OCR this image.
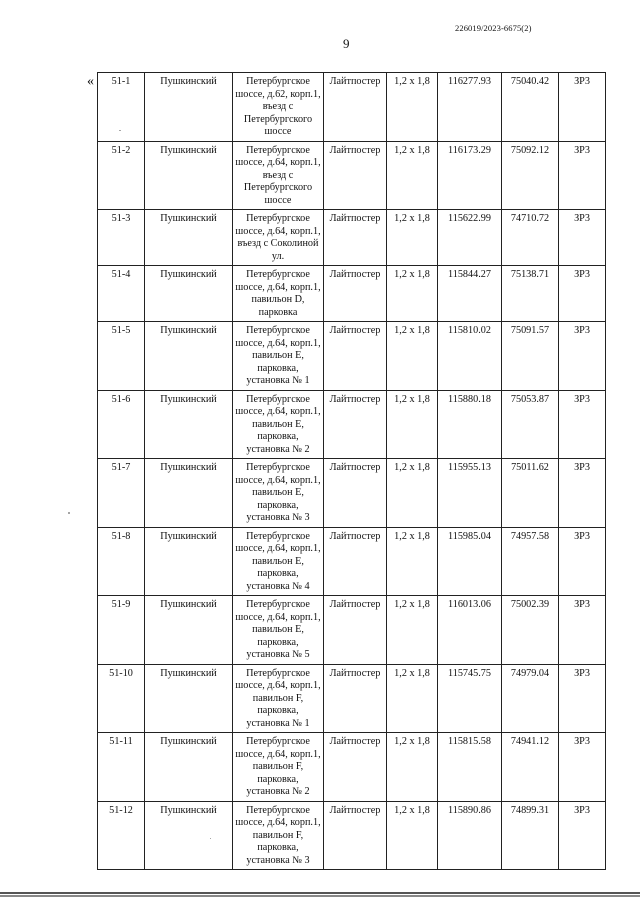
226019/2023-6675(2)
9
« 51-1	Пушкинский	Петербургское шоссе, д.62, корп.1, въезд с Петербургского шоссе	Лайтпостер	1,2 х 1,8	116277.93	75040.42	ЗР3
51-2	Пушкинский	Петербургское шоссе, д.64, корп.1, въезд с Петербургского шоссе	Лайтпостер	1,2 х 1,8	116173.29	75092.12	ЗР3
51-3	Пушкинский	Петербургское шоссе, д.64, корп.1, въезд с Соколиной ул.	Лайтпостер	1,2 х 1,8	115622.99	74710.72	ЗР3
51-4	Пушкинский	Петербургское шоссе, д.64, корп.1, павильон D, парковка	Лайтпостер	1,2 х 1,8	115844.27	75138.71	ЗР3
51-5	Пушкинский	Петербургское шоссе, д.64, корп.1, павильон E, парковка, установка № 1	Лайтпостер	1,2 х 1,8	115810.02	75091.57	ЗР3
51-6	Пушкинский	Петербургское шоссе, д.64, корп.1, павильон E, парковка, установка № 2	Лайтпостер	1,2 х 1,8	115880.18	75053.87	ЗР3
51-7	Пушкинский	Петербургское шоссе, д.64, корп.1, павильон E, парковка, установка № 3	Лайтпостер	1,2 х 1,8	115955.13	75011.62	ЗР3
51-8	Пушкинский	Петербургское шоссе, д.64, корп.1, павильон E, парковка, установка № 4	Лайтпостер	1,2 х 1,8	115985.04	74957.58	ЗР3
51-9	Пушкинский	Петербургское шоссе, д.64, корп.1, павильон E, парковка, установка № 5	Лайтпостер	1,2 х 1,8	116013.06	75002.39	ЗР3
51-10	Пушкинский	Петербургское шоссе, д.64, корп.1, павильон F, парковка, установка № 1	Лайтпостер	1,2 х 1,8	115745.75	74979.04	ЗР3
51-11	Пушкинский	Петербургское шоссе, д.64, корп.1, павильон F, парковка, установка № 2	Лайтпостер	1,2 х 1,8	115815.58	74941.12	ЗР3
51-12	Пушкинский	Петербургское шоссе, д.64, корп.1, павильон F, парковка, установка № 3	Лайтпостер	1,2 х 1,8	115890.86	74899.31	ЗР3
